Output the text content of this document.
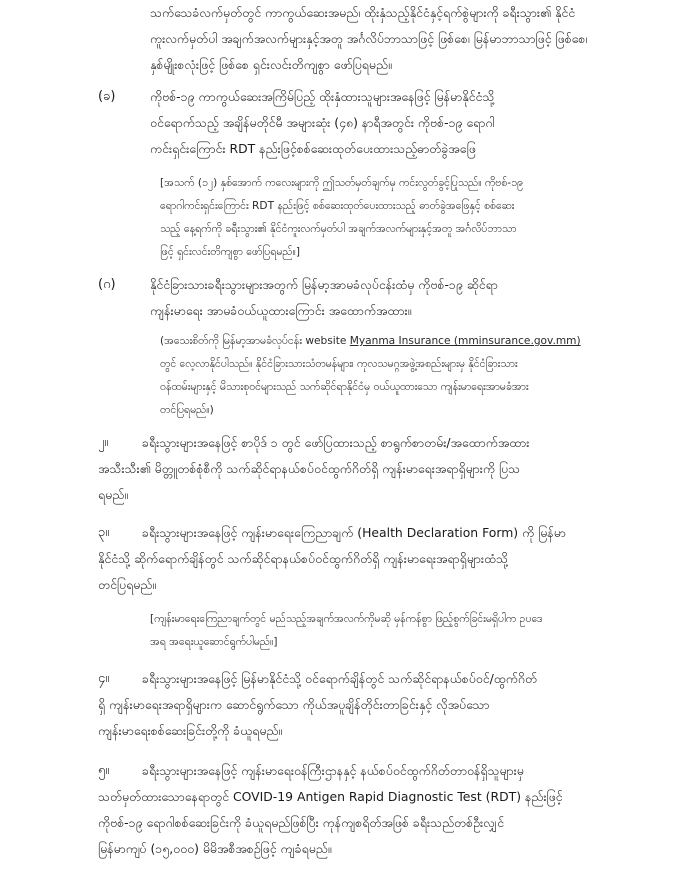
သက်သေခံလက်မှတ်တွင် ကာကွယ်ဆေးအမည်၊ ထိုးနှံသည့်နိုင်ငံနှင့်ရက်စွဲများကို ခရီးသွား၏ နိုင်ငံ
ကူးလက်မှတ်ပါ အချက်အလက်များနှင့်အတူ အင်္ဂလိပ်ဘာသာဖြင့် ဖြစ်စေ၊ မြန်မာဘာသာဖြင့် ဖြစ်စေ၊
နှစ်မျိုးစလုံးဖြင့် ဖြစ်စေ ရှင်းလင်းတိကျစွာ ဖော်ပြရမည်။
(ခ)	ကိုဗစ်-၁၉ ကာကွယ်ဆေးအကြိမ်ပြည့် ထိုးနှံထားသူများအနေဖြင့် မြန်မာနိုင်ငံသို့
ဝင်ရောက်သည့် အချိန်မတိုင်မီ အများဆုံး (၄၈) နာရီအတွင်း ကိုဗစ်-၁၉ ရောဂါ
ကင်းရှင်းကြောင်း RDT နည်းဖြင့်စစ်ဆေးထုတ်ပေးထားသည့်ဓာတ်ခွဲအဖြေ
[အသက် (၁၂) နှစ်အောက် ကလေးများကို ဤသတ်မှတ်ချက်မှ ကင်းလွတ်ခွင့်ပြုသည်။ ကိုဗစ်-၁၉
ရောဂါကင်းရှင်းကြောင်း RDT နည်းဖြင့် စစ်ဆေးထုတ်ပေးထားသည့် ဓာတ်ခွဲအဖြေနှင့် စစ်ဆေး
သည့် နေ့ရက်ကို ခရီးသွား၏ နိုင်ငံကူးလက်မှတ်ပါ အချက်အလက်များနှင့်အတူ အင်္ဂလိပ်ဘာသာ
ဖြင့် ရှင်းလင်းတိကျစွာ ဖော်ပြရမည်။]
(ဂ)	နိုင်ငံခြားသားခရီးသွားများအတွက် မြန်မာ့အာမခံလုပ်ငန်းထံမှ ကိုဗစ်-၁၉ ဆိုင်ရာ
ကျန်းမာရေး အာမခံဝယ်ယူထားကြောင်း အထောက်အထား။
(အသေးစိတ်ကို မြန်မာ့အာမခံလုပ်ငန်း website Myanma Insurance (mminsurance.gov.mm)
တွင် လေ့လာနိုင်ပါသည်။ နိုင်ငံခြားသားသံတမန်များ၊ ကုလသမဂ္ဂအဖွဲ့အစည်းများမှ နိုင်ငံခြားသား
ဝန်ထမ်းများနှင့် မိသားစုဝင်များသည် သက်ဆိုင်ရာနိုင်ငံမှ ဝယ်ယူထားသော ကျန်းမာရေးအာမခံအား
တင်ပြရမည်။)
၂။	ခရီးသွားများအနေဖြင့် စာပိုဒ် ၁ တွင် ဖော်ပြထားသည့် စာရွက်စာတမ်း/အထောက်အထား
အသီးသီး၏ မိတ္တူတစ်စုံစီကို သက်ဆိုင်ရာနယ်စပ်ဝင်ထွက်ဂိတ်ရှိ ကျန်းမာရေးအရာရှိများကို ပြသ
ရမည်။
၃။	ခရီးသွားများအနေဖြင့် ကျန်းမာရေးကြေညာချက် (Health Declaration Form) ကို မြန်မာ
နိုင်ငံသို့ ဆိုက်ရောက်ချိန်တွင် သက်ဆိုင်ရာနယ်စပ်ဝင်ထွက်ဂိတ်ရှိ ကျန်းမာရေးအရာရှိများထံသို့
တင်ပြရမည်။
[ကျန်းမာရေးကြေညာချက်တွင် မည်သည့်အချက်အလက်ကိုမဆို မှန်ကန်စွာ ဖြည့်စွက်ခြင်းမရှိပါက ဥပဒေ
အရ အရေးယူဆောင်ရွက်ပါမည်။]
၄။	ခရီးသွားများအနေဖြင့် မြန်မာနိုင်ငံသို့ ဝင်ရောက်ချိန်တွင် သက်ဆိုင်ရာနယ်စပ်ဝင်/ထွက်ဂိတ်
ရှိ ကျန်းမာရေးအရာရှိများက ဆောင်ရွက်သော ကိုယ်အပူချိန်တိုင်းတာခြင်းနှင့် လိုအပ်သော
ကျန်းမာရေးစစ်ဆေးခြင်းတို့ကို ခံယူရမည်။
၅။	ခရီးသွားများအနေဖြင့် ကျန်းမာရေးဝန်ကြီးဌာနနှင့် နယ်စပ်ဝင်ထွက်ဂိတ်တာဝန်ရှိသူများမှ
သတ်မှတ်ထားသောနေရာတွင် COVID-19 Antigen Rapid Diagnostic Test (RDT) နည်းဖြင့်
ကိုဗစ်-၁၉ ရောဂါစစ်ဆေးခြင်းကို ခံယူရမည်ဖြစ်ပြီး ကုန်ကျစရိတ်အဖြစ် ခရီးသည်တစ်ဦးလျှင်
မြန်မာကျပ် (၁၅,၀၀၀) မိမိအစီအစဉ်ဖြင့် ကျခံရမည်။
